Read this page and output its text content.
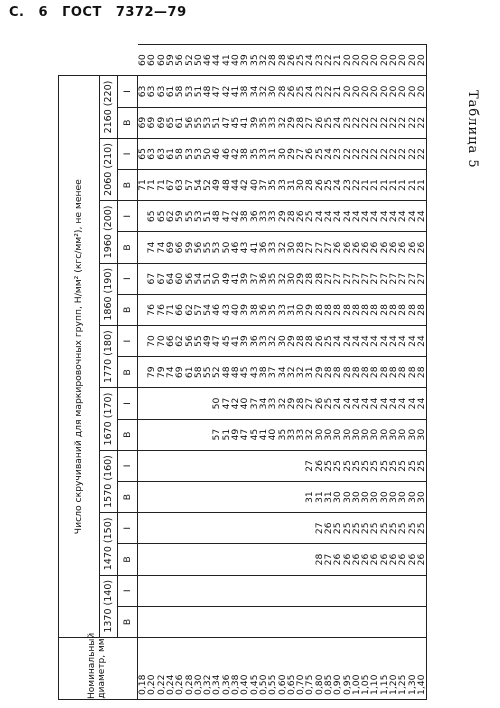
С. 6 ГОСТ 7372—79
Таблица 5
Номинальный диаметр, мм	Число скручиваний для маркировочных групп, Н/мм² (кгс/мм²), не менее																		
	1370 (140)		1470 (150)		1570 (160)		1670 (170)		1770 (180)		1860 (190)		1960 (200)		2060 (210)		2160 (220)		
	В	I	В	I	В	I	В	I	В	I	В	I	В	I	В	I	В	I	
0,18															71	65	69	63	60
0,20									79	70	76	67	74	65	71	63	69	63	60
0,22									79	70	76	67	74	65	71	63	69	63	60
0,24									74	66	71	64	69	62	67	61	65	61	59
0,26									69	62	66	60	66	59	63	58	61	58	56
0,28									61	56	62	56	59	55	57	53	56	53	52
0,30									58	55	57	54	56	53	54	53	55	51	50
0,32									55	49	54	51	55	51	52	50	53	48	46
0,34							57	50	52	47	46	50	53	48	49	46	51	47	44
0,36							51	47	48	45	43	49	50	47	48	46	47	42	41
0,38							49	42	48	41	40	41	46	42	44	42	45	41	40
0,40							47	40	45	39	39	39	43	38	42	38	41	38	39
0,45							45	37	43	36	38	37	41	36	40	35	39	34	35
0,50							41	34	38	33	36	36	36	33	37	33	35	32	32
0,55							40	33	37	32	35	35	33	33	35	31	33	30	28
0,60							35	32	34	30	33	32	32	29	33	30	32	28	28
0,65							33	29	32	29	31	30	30	28	31	29	29	26	26
0,70							33	28	32	28	30	29	28	26	30	27	28	25	25
0,75					31	27	32	27	31	28	29	28	27	25	28	26	27	24	24
0,80			28	27	31	26	30	26	29	26	28	28	27	24	26	25	26	23	23
0,85			27	26	31	25	30	25	28	25	28	27	27	24	25	24	25	22	22
0,90			26	25	30	25	30	24	28	24	28	27	26	24	24	23	24	21	21
0,95			26	25	30	25	30	24	28	24	28	27	26	24	23	22	23	20	20
1,00			26	25	30	25	30	24	28	24	28	27	26	24	22	22	22	20	20
1,05			26	25	30	25	30	24	28	24	28	27	26	24	21	22	22	20	20
1,10			26	25	30	25	30	24	28	24	28	27	26	24	21	22	22	20	20
1,15			26	25	30	25	30	24	28	24	28	27	26	24	21	22	22	20	20
1,20			26	25	30	25	30	24	28	24	28	27	26	24	21	22	22	20	20
1,25			26	25	30	25	30	24	28	24	28	27	26	24	21	22	22	20	20
1,30			26	25	30	25	30	24	28	24	28	27	26	24	21	22	22	20	20
1,40			26	25	30	25	30	24	28	24	28	27	26	24	21	22	22	20	20
